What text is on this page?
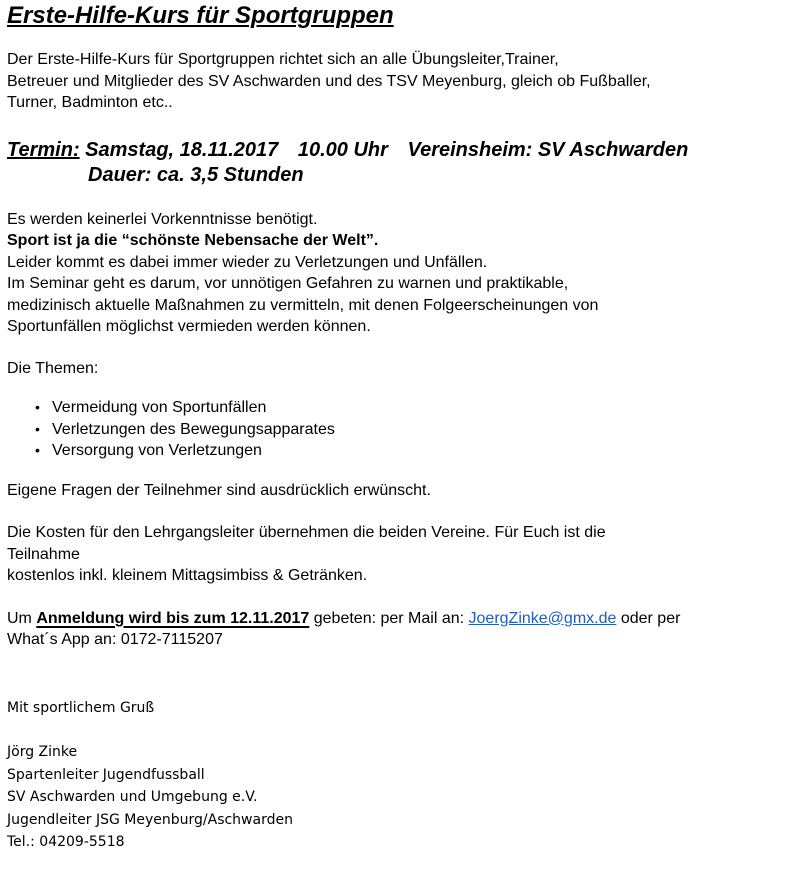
Erste-Hilfe-Kurs für Sportgruppen
Der Erste-Hilfe-Kurs für Sportgruppen richtet sich an alle Übungsleiter,Trainer,
Betreuer und Mitglieder des SV Aschwarden und des TSV Meyenburg, gleich ob Fußballer,
Turner, Badminton etc..
Termin: Samstag, 18.11.2017 10.00 Uhr Vereinsheim: SV Aschwarden
Dauer: ca. 3,5 Stunden
Es werden keinerlei Vorkenntnisse benötigt.
Sport ist ja die “schönste Nebensache der Welt”.
Leider kommt es dabei immer wieder zu Verletzungen und Unfällen.
Im Seminar geht es darum, vor unnötigen Gefahren zu warnen und praktikable,
medizinisch aktuelle Maßnahmen zu vermitteln, mit denen Folgeerscheinungen von
Sportunfällen möglichst vermieden werden können.
Die Themen:
• Vermeidung von Sportunfällen
• Verletzungen des Bewegungsapparates
• Versorgung von Verletzungen
Eigene Fragen der Teilnehmer sind ausdrücklich erwünscht.
Die Kosten für den Lehrgangsleiter übernehmen die beiden Vereine. Für Euch ist die
Teilnahme
kostenlos inkl. kleinem Mittagsimbiss & Getränken.
Um Anmeldung wird bis zum 12.11.2017 gebeten: per Mail an: JoergZinke@gmx.de oder per
What´s App an: 0172-7115207
Mit sportlichem Gruß
Jörg Zinke
Spartenleiter Jugendfussball
SV Aschwarden und Umgebung e.V.
Jugendleiter JSG Meyenburg/Aschwarden
Tel.: 04209-5518
